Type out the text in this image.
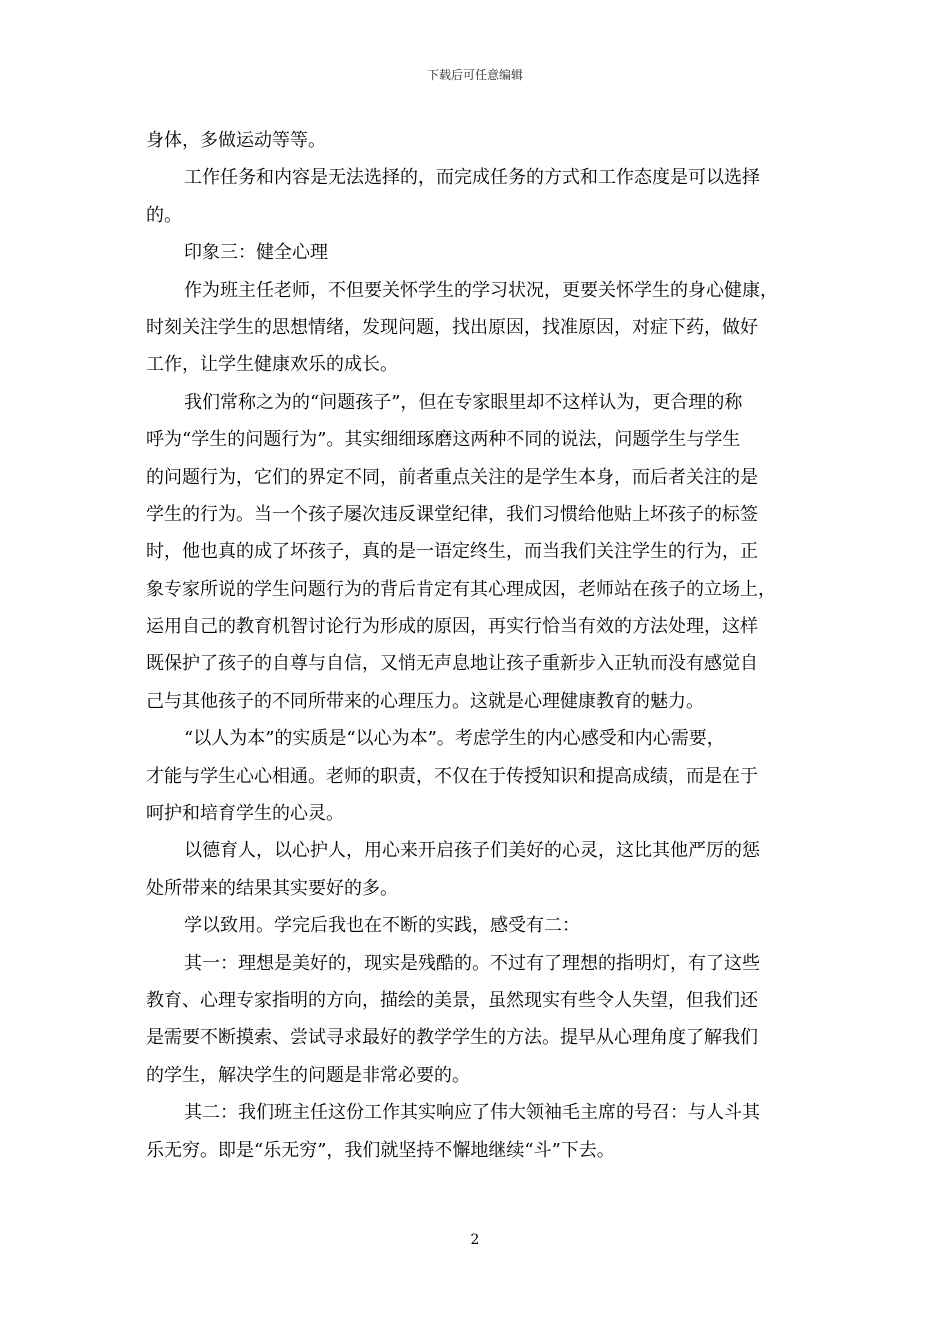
下载后可任意编辑
身体，多做运动等等。
工作任务和内容是无法选择的，而完成任务的方式和工作态度是可以选择
的。
印象三：健全心理
作为班主任老师，不但要关怀学生的学习状况，更要关怀学生的身心健康，
时刻关注学生的思想情绪，发现问题，找出原因，找准原因，对症下药，做好
工作，让学生健康欢乐的成长。
我们常称之为的“问题孩子”，但在专家眼里却不这样认为，更合理的称
呼为“学生的问题行为”。其实细细琢磨这两种不同的说法，问题学生与学生
的问题行为，它们的界定不同，前者重点关注的是学生本身，而后者关注的是
学生的行为。当一个孩子屡次违反课堂纪律，我们习惯给他贴上坏孩子的标签
时，他也真的成了坏孩子，真的是一语定终生，而当我们关注学生的行为，正
象专家所说的学生问题行为的背后肯定有其心理成因，老师站在孩子的立场上，
运用自己的教育机智讨论行为形成的原因，再实行恰当有效的方法处理，这样
既保护了孩子的自尊与自信，又悄无声息地让孩子重新步入正轨而没有感觉自
己与其他孩子的不同所带来的心理压力。这就是心理健康教育的魅力。
“以人为本”的实质是“以心为本”。考虑学生的内心感受和内心需要，
才能与学生心心相通。老师的职责，不仅在于传授知识和提高成绩，而是在于
呵护和培育学生的心灵。
以德育人，以心护人，用心来开启孩子们美好的心灵，这比其他严厉的惩
处所带来的结果其实要好的多。
学以致用。学完后我也在不断的实践，感受有二：
其一：理想是美好的，现实是残酷的。不过有了理想的指明灯，有了这些
教育、心理专家指明的方向，描绘的美景，虽然现实有些令人失望，但我们还
是需要不断摸索、尝试寻求最好的教学学生的方法。提早从心理角度了解我们
的学生，解决学生的问题是非常必要的。
其二：我们班主任这份工作其实响应了伟大领袖毛主席的号召：与人斗其
乐无穷。即是“乐无穷”，我们就坚持不懈地继续“斗”下去。
2
